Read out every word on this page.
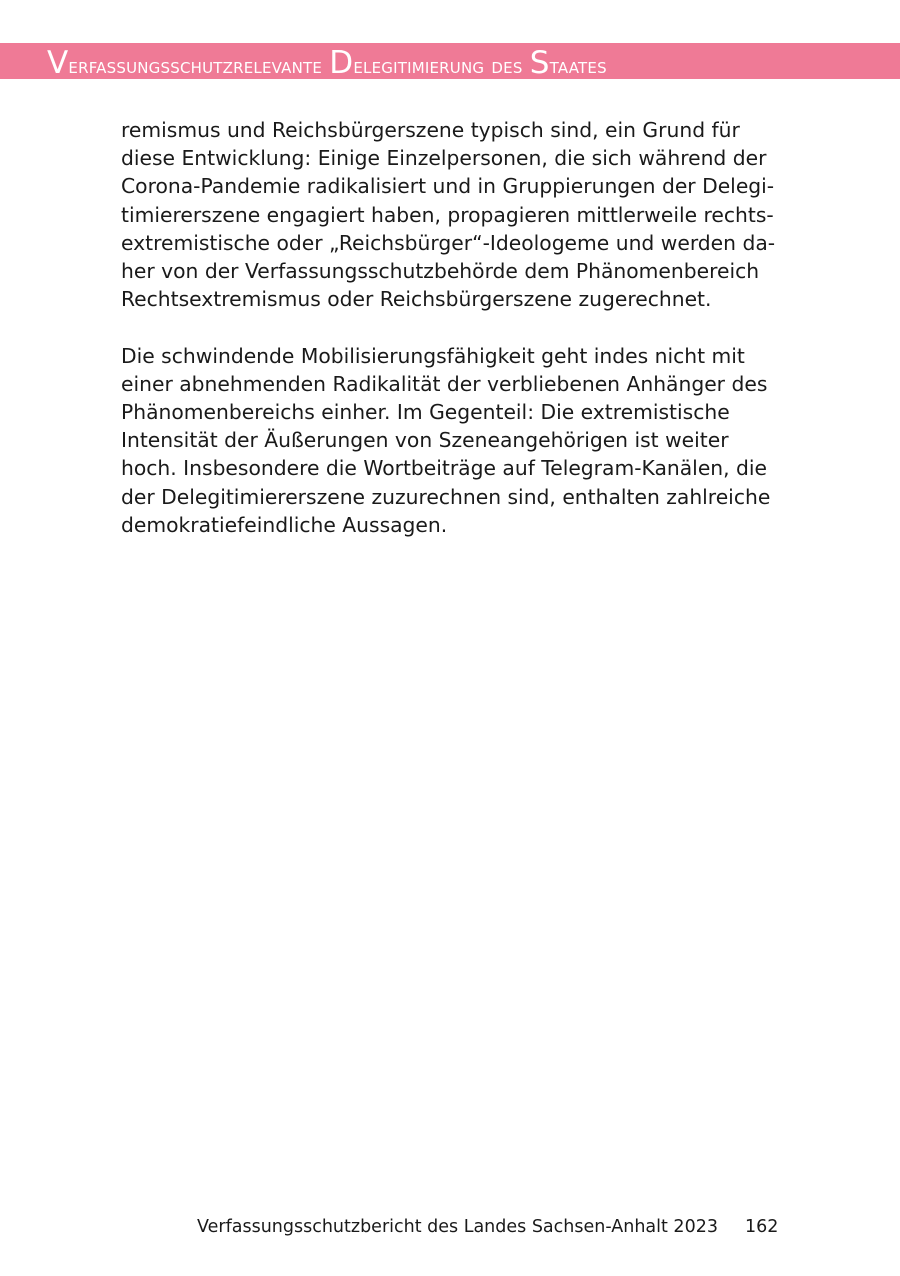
Verfassungsschutzrelevante Delegitimierung des Staates

remismus und Reichsbürgerszene typisch sind, ein Grund für
diese Entwicklung: Einige Einzelpersonen, die sich während der
Corona-Pandemie radikalisiert und in Gruppierungen der Delegi-
timiererszene engagiert haben, propagieren mittlerweile rechts-
extremistische oder „Reichsbürger“-Ideologeme und werden da-
her von der Verfassungsschutzbehörde dem Phänomenbereich
Rechtsextremismus oder Reichsbürgerszene zugerechnet.

Die schwindende Mobilisierungsfähigkeit geht indes nicht mit
einer abnehmenden Radikalität der verbliebenen Anhänger des
Phänomenbereichs einher. Im Gegenteil: Die extremistische
Intensität der Äußerungen von Szeneangehörigen ist weiter
hoch. Insbesondere die Wortbeiträge auf Telegram-Kanälen, die
der Delegitimiererszene zuzurechnen sind, enthalten zahlreiche
demokratiefeindliche Aussagen.

Verfassungsschutzbericht des Landes Sachsen-Anhalt 2023 162
